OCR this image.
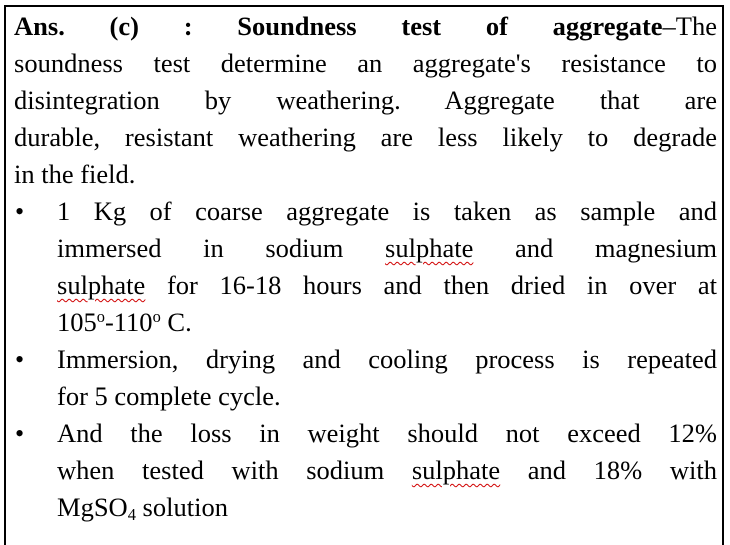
Ans. (c) : Soundness test of aggregate–The
soundness test determine an aggregate's resistance to
disintegration by weathering. Aggregate that are
durable, resistant weathering are less likely to degrade
in the field.

• 1 Kg of coarse aggregate is taken as sample and
immersed in sodium sulphate and magnesium
sulphate for 16-18 hours and then dried in over at
105$^o$-110$^o$ C.
• Immersion, drying and cooling process is repeated
for 5 complete cycle.
• And the loss in weight should not exceed 12%
when tested with sodium sulphate and 18% with
MgSO$_4$ solution
